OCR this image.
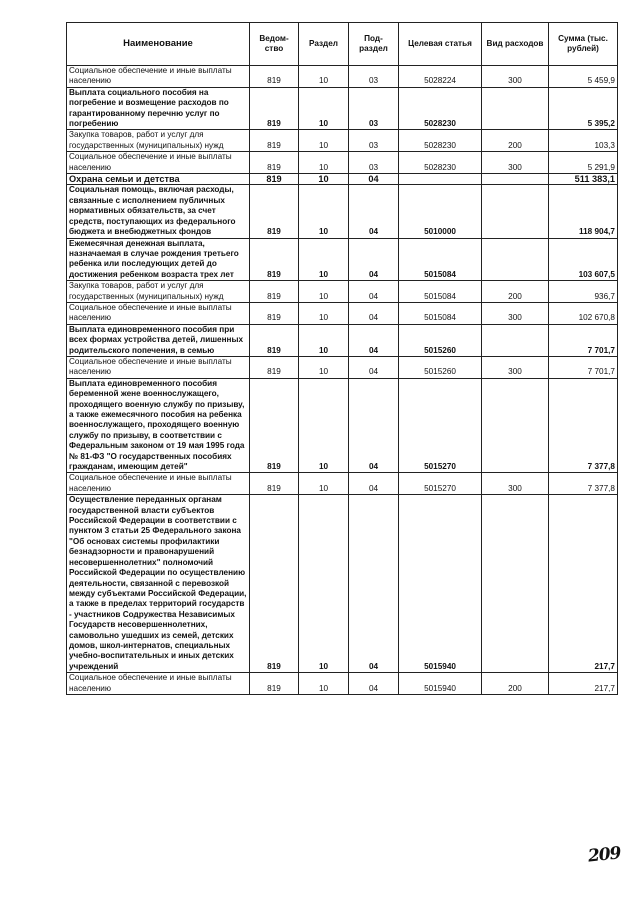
Наименование	Ведом-ство	Раздел	Под-раздел	Целевая статья	Вид расходов	Сумма (тыс. рублей)
Социальное обеспечение и иные выплаты населению	819	10	03	5028224	300	5 459,9
Выплата социального пособия на погребение и возмещение расходов по гарантированному перечню услуг по погребению	819	10	03	5028230		5 395,2
Закупка товаров, работ и услуг для государственных (муниципальных) нужд	819	10	03	5028230	200	103,3
Социальное обеспечение и иные выплаты населению	819	10	03	5028230	300	5 291,9
Охрана семьи и детства	819	10	04			511 383,1
Социальная помощь, включая расходы, связанные с исполнением публичных нормативных обязательств, за счет средств, поступающих из федерального бюджета и внебюджетных фондов	819	10	04	5010000		118 904,7
Ежемесячная денежная выплата, назначаемая в случае рождения третьего ребенка или последующих детей до достижения ребенком возраста трех лет	819	10	04	5015084		103 607,5
Закупка товаров, работ и услуг для государственных (муниципальных) нужд	819	10	04	5015084	200	936,7
Социальное обеспечение и иные выплаты населению	819	10	04	5015084	300	102 670,8
Выплата единовременного пособия при всех формах устройства детей, лишенных родительского попечения, в семью	819	10	04	5015260		7 701,7
Социальное обеспечение и иные выплаты населению	819	10	04	5015260	300	7 701,7
Выплата единовременного пособия беременной жене военнослужащего, проходящего военную службу по призыву, а также ежемесячного пособия на ребенка военнослужащего, проходящего военную службу по призыву, в соответствии с Федеральным законом от 19 мая 1995 года № 81-ФЗ "О государственных пособиях гражданам, имеющим детей"	819	10	04	5015270		7 377,8
Социальное обеспечение и иные выплаты населению	819	10	04	5015270	300	7 377,8
Осуществление переданных органам государственной власти субъектов Российской Федерации в соответствии с пунктом 3 статьи 25 Федерального закона "Об основах системы профилактики безнадзорности и правонарушений несовершеннолетних" полномочий Российской Федерации по осуществлению деятельности, связанной с перевозкой между субъектами Российской Федерации, а также в пределах территорий государств - участников Содружества Независимых Государств несовершеннолетних, самовольно ушедших из семей, детских домов, школ-интернатов, специальных учебно-воспитательных и иных детских учреждений	819	10	04	5015940		217,7
Социальное обеспечение и иные выплаты населению	819	10	04	5015940	200	217,7
209
